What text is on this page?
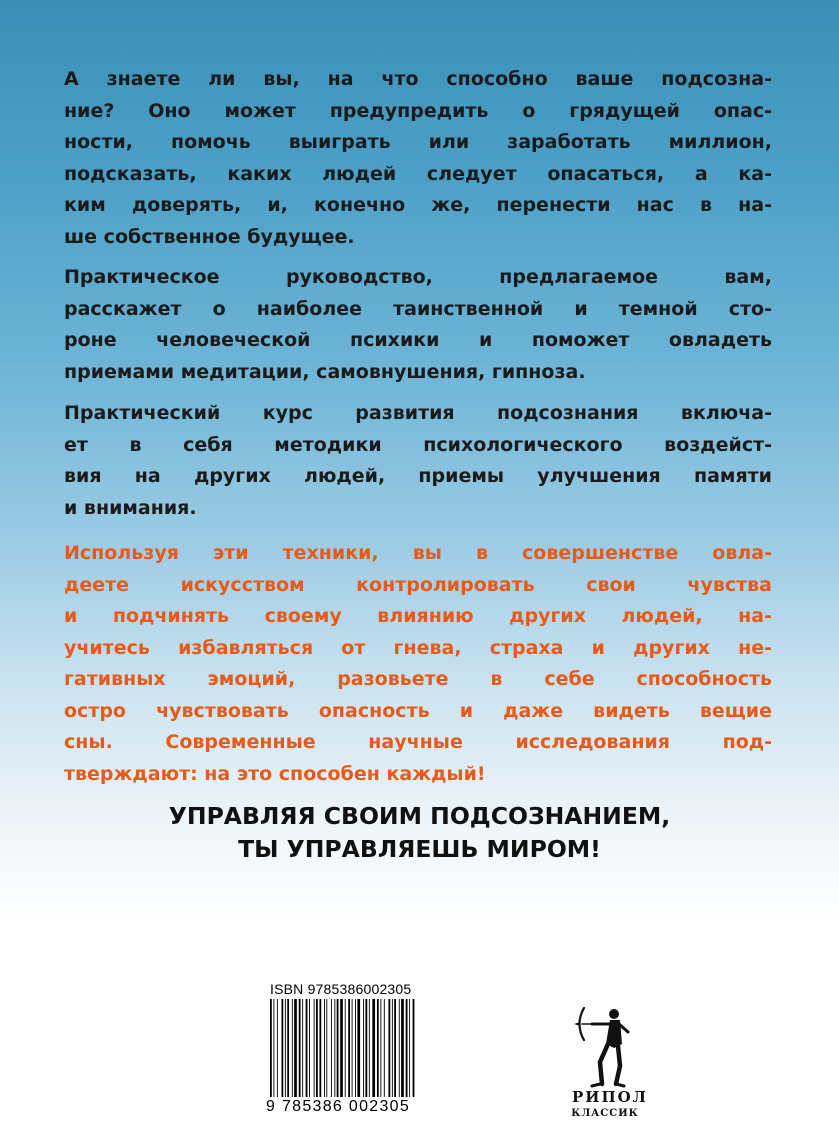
А знаете ли вы, на что способно ваше подсозна-
ние? Оно может предупредить о грядущей опас-
ности, помочь выиграть или заработать миллион,
подсказать, каких людей следует опасаться, а ка-
ким доверять, и, конечно же, перенести нас в на-
ше собственное будущее.

Практическое руководство, предлагаемое вам,
расскажет о наиболее таинственной и темной сто-
роне человеческой психики и поможет овладеть
приемами медитации, самовнушения, гипноза.

Практический курс развития подсознания включа-
ет в себя методики психологического воздейст-
вия на других людей, приемы улучшения памяти
и внимания.

Используя эти техники, вы в совершенстве овла-
деете искусством контролировать свои чувства
и подчинять своему влиянию других людей, на-
учитесь избавляться от гнева, страха и других не-
гативных эмоций, разовьете в себе способность
остро чувствовать опасность и даже видеть вещие
сны. Современные научные исследования под-
тверждают: на это способен каждый!

УПРАВЛЯЯ СВОИМ ПОДСОЗНАНИЕМ,
ТЫ УПРАВЛЯЕШЬ МИРОМ!

ISBN 9785386002305
9 785386 002305
РИПОЛ
КЛАССИК
